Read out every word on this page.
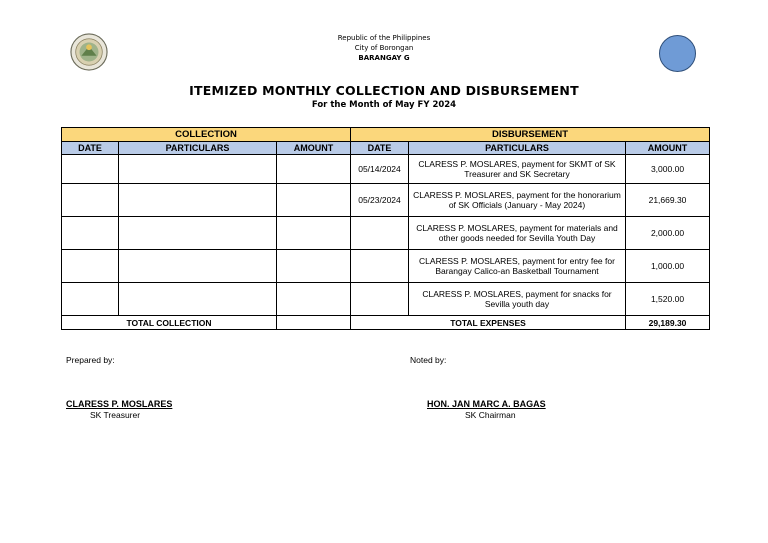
Republic of the Philippines
City of Borongan
BARANGAY G
ITEMIZED MONTHLY COLLECTION AND DISBURSEMENT
For the Month of May FY 2024
COLLECTION			DISBURSEMENT		
DATE	PARTICULARS	AMOUNT	DATE	PARTICULARS	AMOUNT
			05/14/2024	CLARESS P. MOSLARES, payment for SKMT of SK Treasurer and SK Secretary	3,000.00
			05/23/2024	CLARESS P. MOSLARES, payment for the honorarium of SK Officials (January - May 2024)	21,669.30
				CLARESS P. MOSLARES, payment for materials and other goods needed for Sevilla Youth Day	2,000.00
				CLARESS P. MOSLARES, payment for entry fee for Barangay Calico-an Basketball Tournament	1,000.00
				CLARESS P. MOSLARES, payment for snacks for Sevilla youth day	1,520.00
TOTAL COLLECTION			TOTAL EXPENSES		29,189.30
Prepared by:
CLARESS P. MOSLARES
SK Treasurer
Noted by:
HON. JAN MARC A. BAGAS
SK Chairman
